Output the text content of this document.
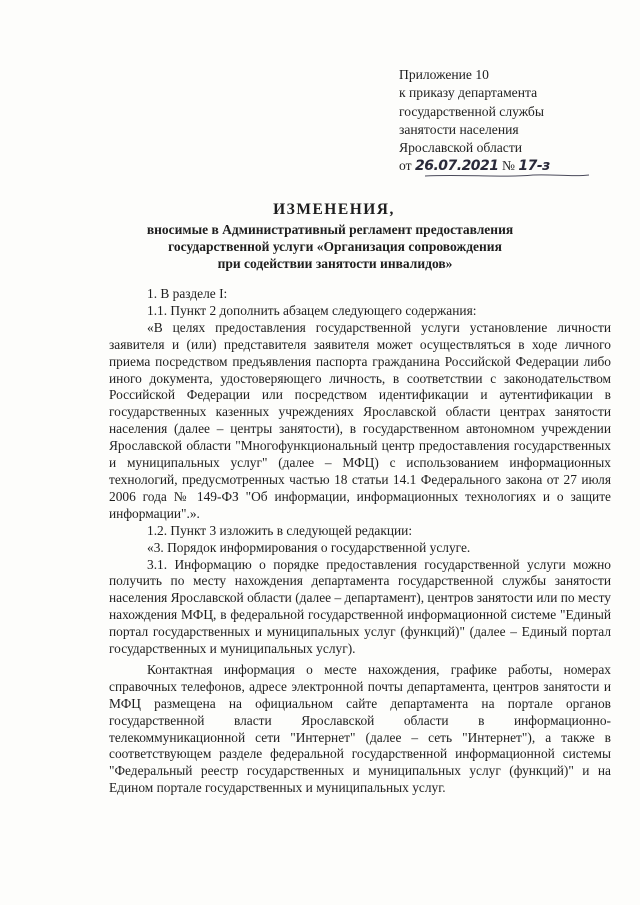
Приложение 10
к приказу департамента
государственной службы
занятости населения
Ярославской области
от 26.07.2021 № 17-з
ИЗМЕНЕНИЯ,
вносимые в Административный регламент предоставления
государственной услуги «Организация сопровождения
при содействии занятости инвалидов»

1. В разделе I:

1.1. Пункт 2 дополнить абзацем следующего содержания:

«В целях предоставления государственной услуги установление личности заявителя и (или) представителя заявителя может осуществляться в ходе личного приема посредством предъявления паспорта гражданина Российской Федерации либо иного документа, удостоверяющего личность, в соответствии с законодательством Российской Федерации или посредством идентификации и аутентификации в государственных казенных учреждениях Ярославской области центрах занятости населения (далее – центры занятости), в государственном автономном учреждении Ярославской области "Многофункциональный центр предоставления государственных и муниципальных услуг" (далее – МФЦ) с использованием информационных технологий, предусмотренных частью 18 статьи 14.1 Федерального закона от 27 июля 2006 года № 149-ФЗ "Об информации, информационных технологиях и о защите информации".».

1.2. Пункт 3 изложить в следующей редакции:

«3. Порядок информирования о государственной услуге.

3.1. Информацию о порядке предоставления государственной услуги можно получить по месту нахождения департамента государственной службы занятости населения Ярославской области (далее – департамент), центров занятости или по месту нахождения МФЦ, в федеральной государственной информационной системе "Единый портал государственных и муниципальных услуг (функций)" (далее – Единый портал государственных и муниципальных услуг).

Контактная информация о месте нахождения, графике работы, номерах справочных телефонов, адресе электронной почты департамента, центров занятости и МФЦ размещена на официальном сайте департамента на портале органов государственной власти Ярославской области в информационно-телекоммуникационной сети "Интернет" (далее – сеть "Интернет"), а также в соответствующем разделе федеральной государственной информационной системы "Федеральный реестр государственных и муниципальных услуг (функций)" и на Едином портале государственных и муниципальных услуг.
